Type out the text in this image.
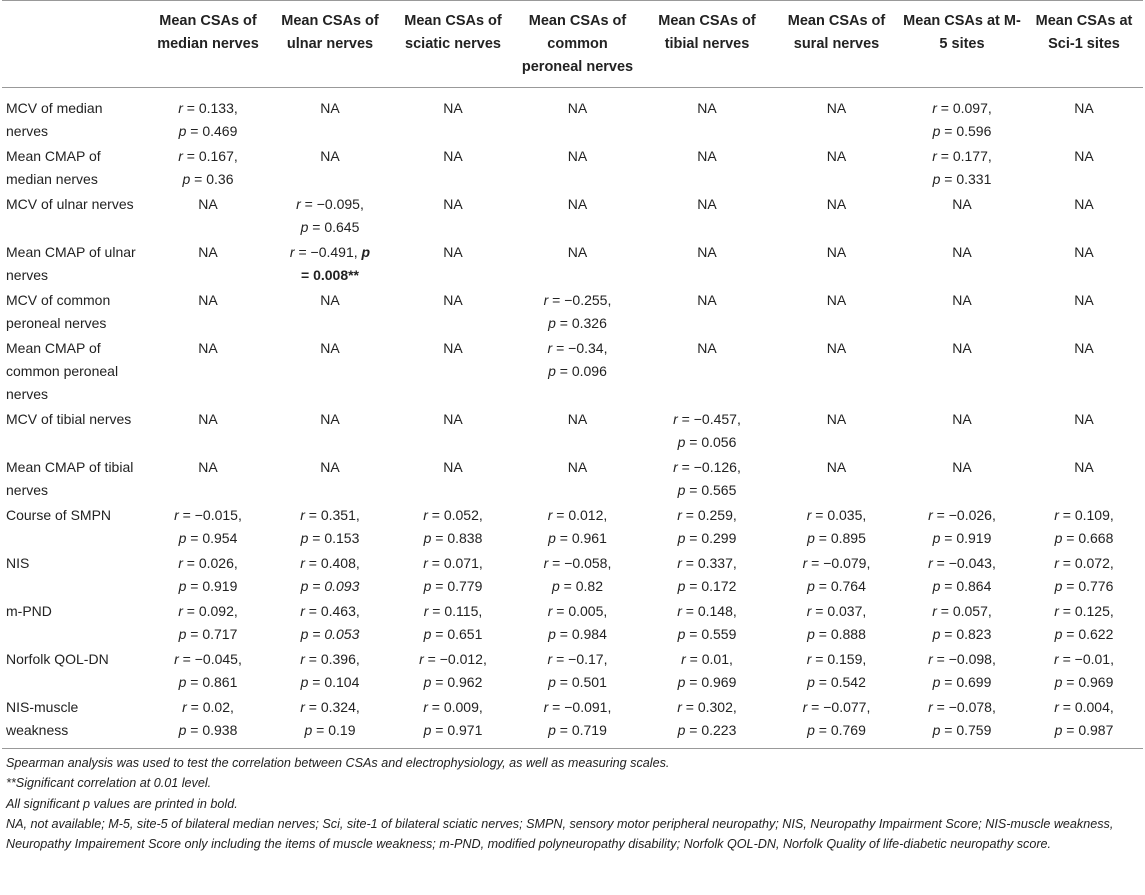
	Mean CSAs of median nerves	Mean CSAs of ulnar nerves	Mean CSAs of sciatic nerves	Mean CSAs of common peroneal nerves	Mean CSAs of tibial nerves	Mean CSAs of sural nerves	Mean CSAs at M-5 sites	Mean CSAs at Sci-1 sites
MCV of median nerves	r = 0.133,
p = 0.469	NA	NA	NA	NA	NA	r = 0.097,
p = 0.596	NA
Mean CMAP of median nerves	r = 0.167,
p = 0.36	NA	NA	NA	NA	NA	r = 0.177,
p = 0.331	NA
MCV of ulnar nerves	NA	r = −0.095,
p = 0.645	NA	NA	NA	NA	NA	NA
Mean CMAP of ulnar nerves	NA	r = −0.491, p
= 0.008**	NA	NA	NA	NA	NA	NA
MCV of common peroneal nerves	NA	NA	NA	r = −0.255,
p = 0.326	NA	NA	NA	NA
Mean CMAP of common peroneal nerves	NA	NA	NA	r = −0.34,
p = 0.096	NA	NA	NA	NA
MCV of tibial nerves	NA	NA	NA	NA	r = −0.457,
p = 0.056	NA	NA	NA
Mean CMAP of tibial nerves	NA	NA	NA	NA	r = −0.126,
p = 0.565	NA	NA	NA
Course of SMPN	r = −0.015,
p = 0.954	r = 0.351,
p = 0.153	r = 0.052,
p = 0.838	r = 0.012,
p = 0.961	r = 0.259,
p = 0.299	r = 0.035,
p = 0.895	r = −0.026,
p = 0.919	r = 0.109,
p = 0.668

NIS	r = 0.026,
p = 0.919	r = 0.408,
p = 0.093	r = 0.071,
p = 0.779	r = −0.058,
p = 0.82	r = 0.337,
p = 0.172	r = −0.079,
p = 0.764	r = −0.043,
p = 0.864	r = 0.072,
p = 0.776

m-PND	r = 0.092,
p = 0.717	r = 0.463,
p = 0.053	r = 0.115,
p = 0.651	r = 0.005,
p = 0.984	r = 0.148,
p = 0.559	r = 0.037,
p = 0.888	r = 0.057,
p = 0.823	r = 0.125,
p = 0.622

Norfolk QOL-DN	r = −0.045,
p = 0.861	r = 0.396,
p = 0.104	r = −0.012,
p = 0.962	r = −0.17,
p = 0.501	r = 0.01,
p = 0.969	r = 0.159,
p = 0.542	r = −0.098,
p = 0.699	r = −0.01,
p = 0.969

NIS-muscle weakness	r = 0.02,
p = 0.938	r = 0.324,
p = 0.19	r = 0.009,
p = 0.971	r = −0.091,
p = 0.719	r = 0.302,
p = 0.223	r = −0.077,
p = 0.769	r = −0.078,
p = 0.759	r = 0.004,
p = 0.987

Spearman analysis was used to test the correlation between CSAs and electrophysiology, as well as measuring scales.

**Significant correlation at 0.01 level.

All significant p values are printed in bold.

NA, not available; M-5, site-5 of bilateral median nerves; Sci, site-1 of bilateral sciatic nerves; SMPN, sensory motor peripheral neuropathy; NIS, Neuropathy Impairment Score; NIS-muscle weakness, Neuropathy Impairement Score only including the items of muscle weakness; m-PND, modified polyneuropathy disability; Norfolk QOL-DN, Norfolk Quality of life-diabetic neuropathy score.
